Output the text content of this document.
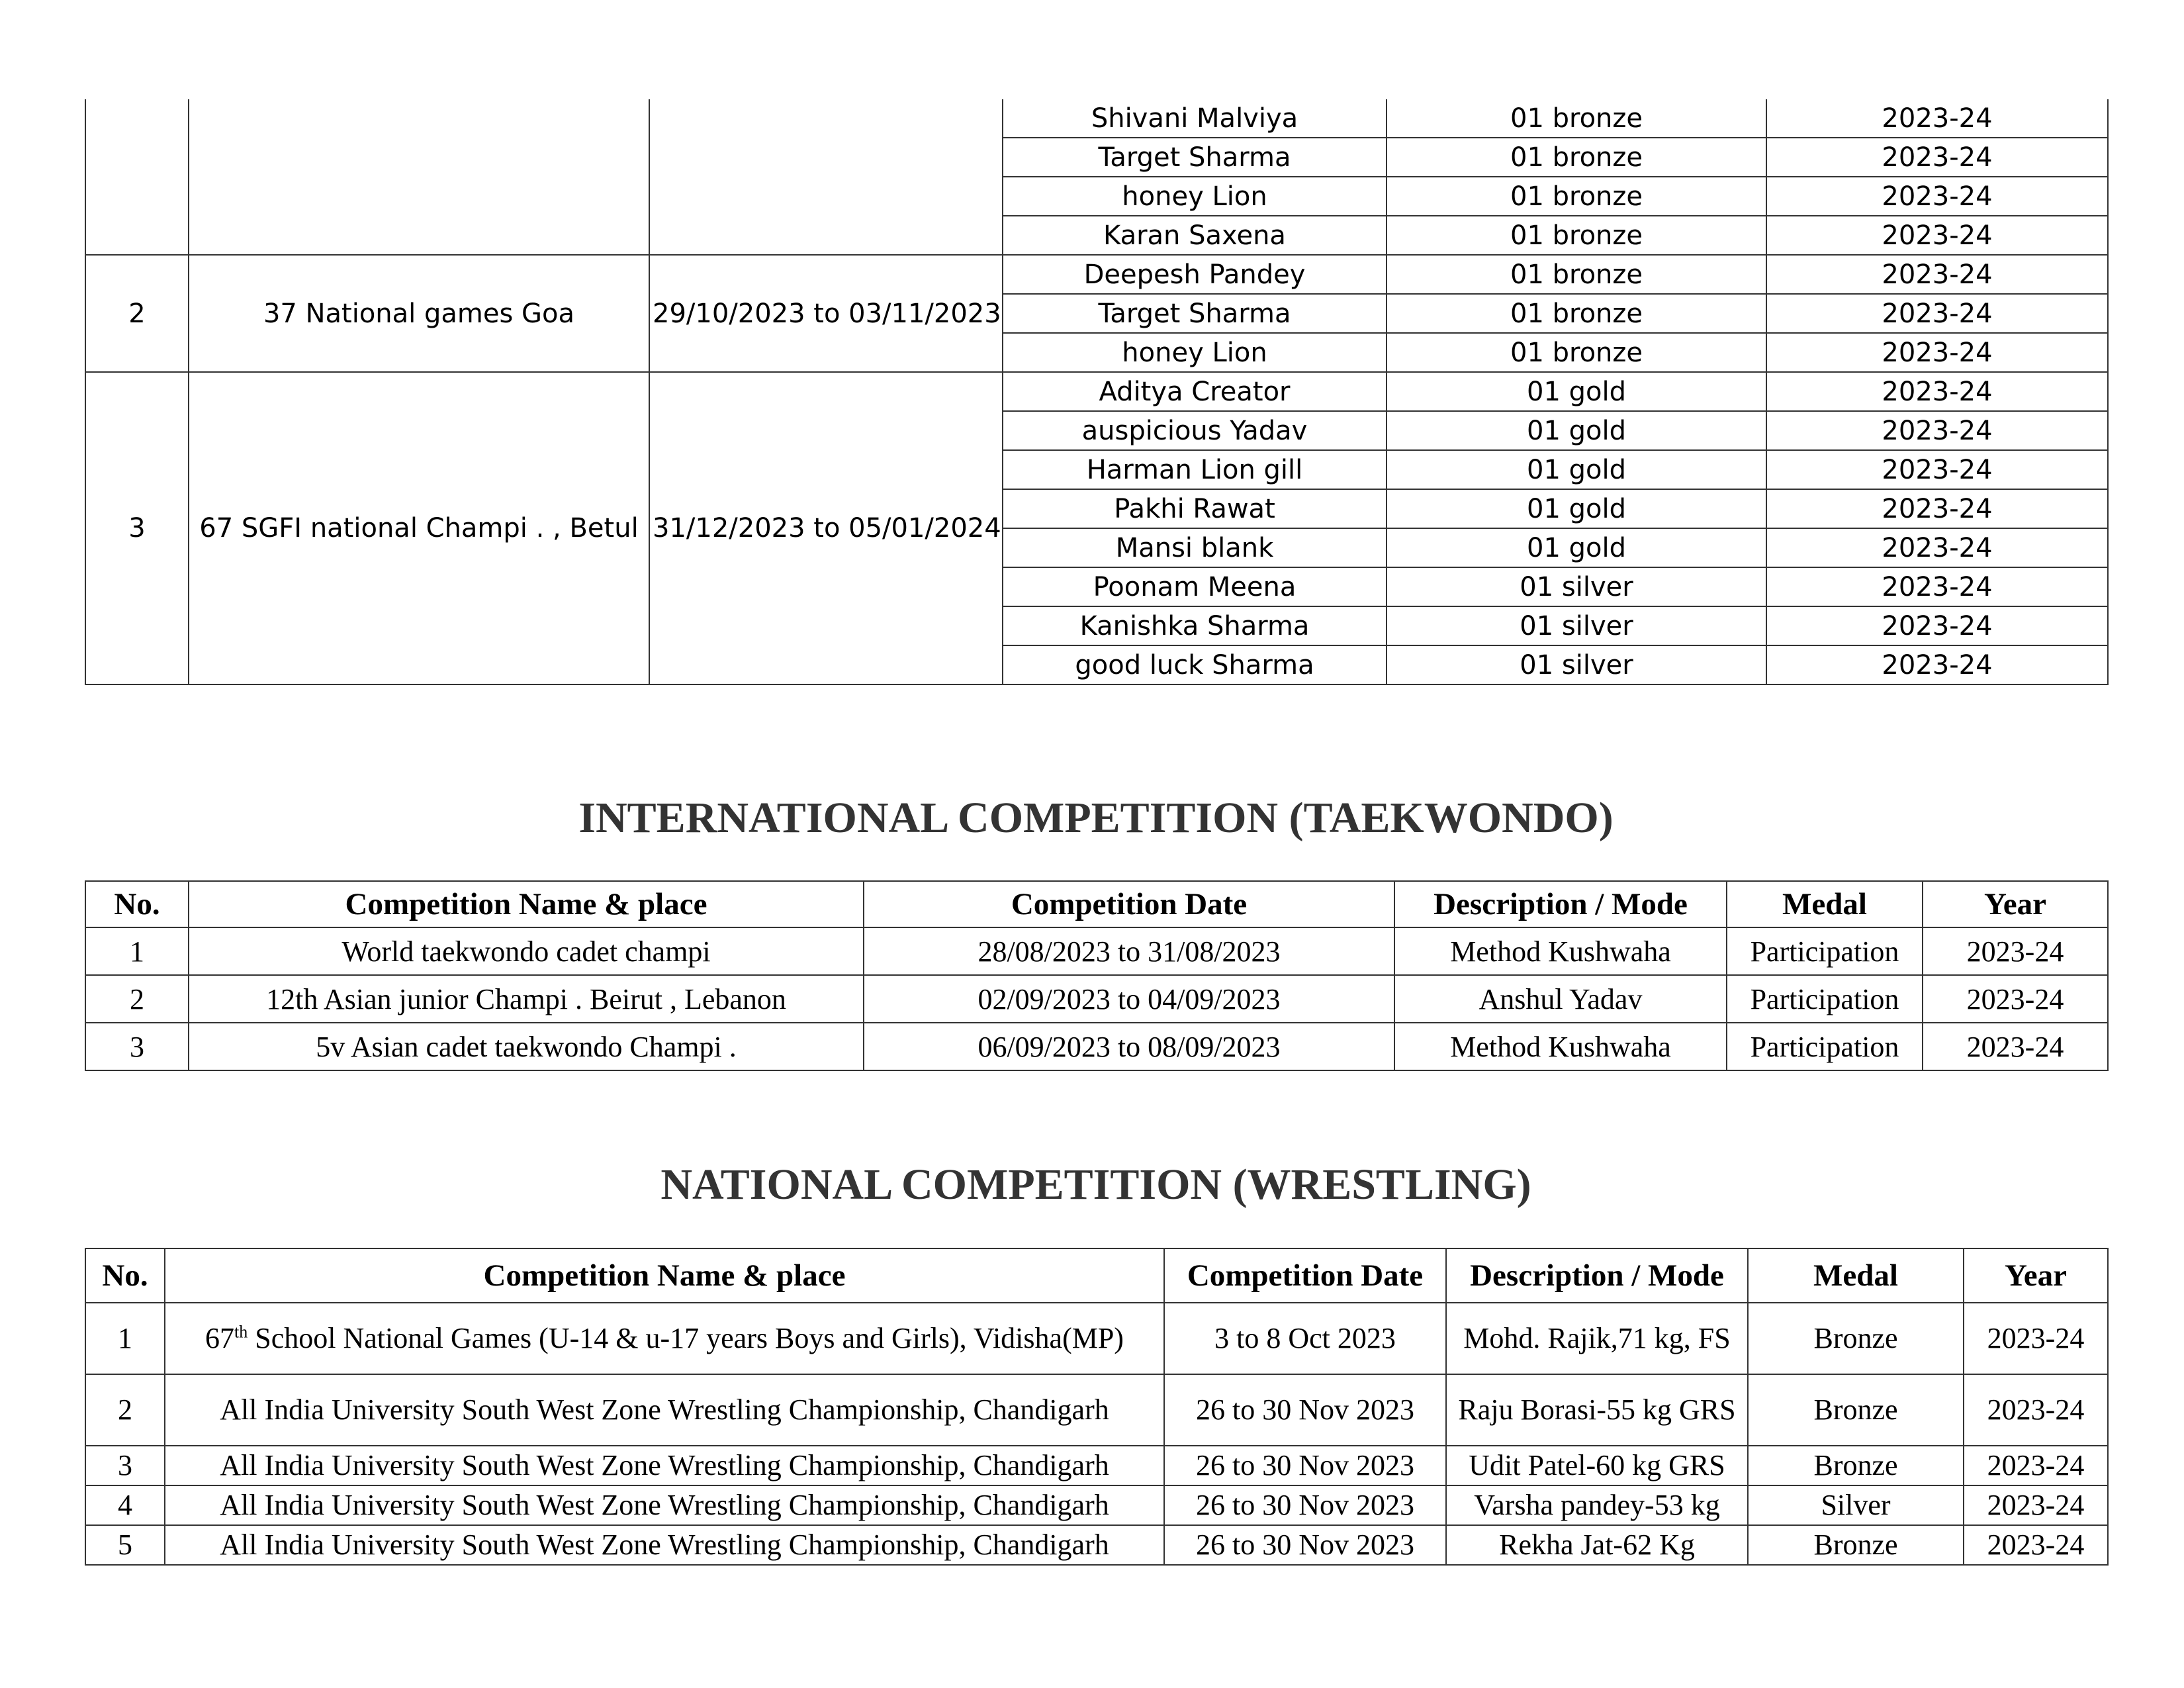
			Shivani Malviya	01 bronze	2023-24
			Target Sharma	01 bronze	2023-24
			honey Lion	01 bronze	2023-24
			Karan Saxena	01 bronze	2023-24
2	37 National games Goa	29/10/2023 to 03/11/2023	Deepesh Pandey	01 bronze	2023-24
			Target Sharma	01 bronze	2023-24
			honey Lion	01 bronze	2023-24
3	67 SGFI national Champi . , Betul	31/12/2023 to 05/01/2024	Aditya Creator	01 gold	2023-24
			auspicious Yadav	01 gold	2023-24
			Harman Lion gill	01 gold	2023-24
			Pakhi Rawat	01 gold	2023-24
			Mansi blank	01 gold	2023-24
			Poonam Meena	01 silver	2023-24
			Kanishka Sharma	01 silver	2023-24
			good luck Sharma	01 silver	2023-24
INTERNATIONAL COMPETITION (TAEKWONDO)
No.	Competition Name & place	Competition Date	Description / Mode	Medal	Year
1	World taekwondo cadet champi	28/08/2023 to 31/08/2023	Method Kushwaha	Participation	2023-24
2	12th Asian junior Champi . Beirut , Lebanon	02/09/2023 to 04/09/2023	Anshul Yadav	Participation	2023-24
3	5v Asian cadet taekwondo Champi .	06/09/2023 to 08/09/2023	Method Kushwaha	Participation	2023-24
NATIONAL COMPETITION (WRESTLING)
No.	Competition Name & place	Competition Date	Description / Mode	Medal	Year
1	67th School National Games (U-14 & u-17 years Boys and Girls), Vidisha(MP)	3 to 8 Oct 2023	Mohd. Rajik,71 kg, FS	Bronze	2023-24
2	All India University South West Zone Wrestling Championship, Chandigarh	26 to 30 Nov 2023	Raju Borasi-55 kg GRS	Bronze	2023-24
3	All India University South West Zone Wrestling Championship, Chandigarh	26 to 30 Nov 2023	Udit Patel-60 kg GRS	Bronze	2023-24
4	All India University South West Zone Wrestling Championship, Chandigarh	26 to 30 Nov 2023	Varsha pandey-53 kg	Silver	2023-24
5	All India University South West Zone Wrestling Championship, Chandigarh	26 to 30 Nov 2023	Rekha Jat-62 Kg	Bronze	2023-24
